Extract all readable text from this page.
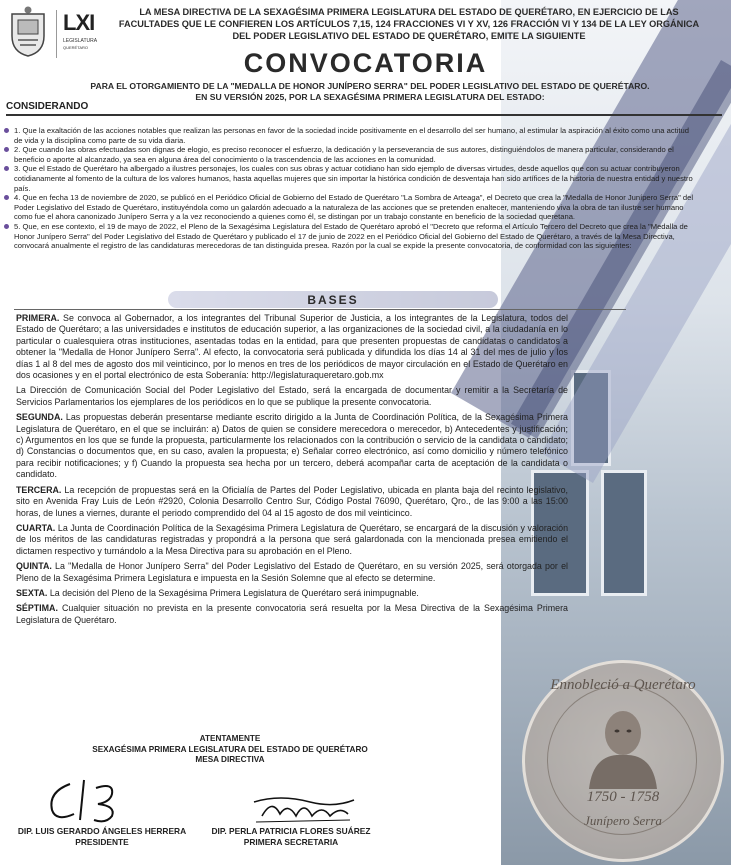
LXI
LEGISLATURA
QUERÉTARO
LA MESA DIRECTIVA DE LA SEXAGÉSIMA PRIMERA LEGISLATURA DEL ESTADO DE QUERÉTARO, EN EJERCICIO DE LAS FACULTADES QUE LE CONFIEREN LOS ARTÍCULOS 7,15, 124 FRACCIONES VI Y XV, 126 FRACCIÓN VI Y 134 DE LA LEY ORGÁNICA DEL PODER LEGISLATIVO DEL ESTADO DE QUERÉTARO, EMITE LA SIGUIENTE
CONVOCATORIA
PARA EL OTORGAMIENTO DE LA "MEDALLA DE HONOR JUNÍPERO SERRA" DEL PODER LEGISLATIVO DEL ESTADO DE QUERÉTARO. EN SU VERSIÓN 2025, POR LA SEXAGÉSIMA PRIMERA LEGISLATURA DEL ESTADO:
CONSIDERANDO
1. Que la exaltación de las acciones notables que realizan las personas en favor de la sociedad incide positivamente en el desarrollo del ser humano, al estimular la aspiración al éxito como una actitud de vida y la disciplina como parte de su vida diaria.
2. Que cuando las obras efectuadas son dignas de elogio, es preciso reconocer el esfuerzo, la dedicación y la perseverancia de sus autores, distinguiéndolos de manera particular, considerando el beneficio o aporte al alcanzado, ya sea en alguna área del conocimiento o la trascendencia de las acciones en la comunidad.
3. Que el Estado de Querétaro ha albergado a ilustres personajes, los cuales con sus obras y actuar cotidiano han sido ejemplo de diversas virtudes, desde aquellos que con su actuar contribuyeron cotidianamente al fomento de la cultura de los valores humanos, hasta aquellas mujeres que sin importar la histórica condición de desventaja han sido artífices de la historia de nuestra entidad y nuestro país.
4. Que en fecha 13 de noviembre de 2020, se publicó en el Periódico Oficial de Gobierno del Estado de Querétaro "La Sombra de Arteaga", el Decreto que crea la "Medalla de Honor Junípero Serra" del Poder Legislativo del Estado de Querétaro, instituyéndola como un galardón adecuado a la naturaleza de las acciones que se pretenden enaltecer, manteniendo viva la obra de tan ilustre ser humano como fue el ahora canonizado Junípero Serra y a la vez reconociendo a quienes como él, se distingan por un trabajo constante en beneficio de la sociedad queretana.
5. Que, en ese contexto, el 19 de mayo de 2022, el Pleno de la Sexagésima Legislatura del Estado de Querétaro aprobó el "Decreto que reforma el Artículo Tercero del Decreto que crea la "Medalla de Honor Junípero Serra" del Poder Legislativo del Estado de Querétaro y publicado el 17 de junio de 2022 en el Periódico Oficial del Gobierno del Estado de Querétaro, a través de la Mesa Directiva, convocará anualmente el registro de las candidaturas merecedoras de tan distinguida presea. Razón por la cual se expide la presente convocatoria, de conformidad con las siguientes:
BASES

PRIMERA. Se convoca al Gobernador, a los integrantes del Tribunal Superior de Justicia, a los integrantes de la Legislatura, todos del Estado de Querétaro; a las universidades e institutos de educación superior, a las organizaciones de la sociedad civil, a la ciudadanía en lo particular o cualesquiera otras instituciones, asentadas todas en la entidad, para que presenten propuestas de candidatas o candidatos a obtener la "Medalla de Honor Junípero Serra". Al efecto, la convocatoria será publicada y difundida los días 14 al 31 del mes de julio y los días 1 al 8 del mes de agosto dos mil veinticinco, por lo menos en tres de los periódicos de mayor circulación en el Estado de Querétaro en dos ocasiones y en el portal electrónico de esta Soberanía: http://legislaturaqueretaro.gob.mx

La Dirección de Comunicación Social del Poder Legislativo del Estado, será la encargada de documentar y remitir a la Secretaría de Servicios Parlamentarios los ejemplares de los periódicos en lo que se publique la presente convocatoria.

SEGUNDA. Las propuestas deberán presentarse mediante escrito dirigido a la Junta de Coordinación Política, de la Sexagésima Primera Legislatura de Querétaro, en el que se incluirán: a) Datos de quien se considere merecedora o merecedor, b) Antecedentes y justificación; c) Argumentos en los que se funde la propuesta, particularmente los relacionados con la contribución o servicio de la candidata o candidato; d) Constancias o documentos que, en su caso, avalen la propuesta; e) Señalar correo electrónico, así como domicilio y número telefónico para recibir notificaciones; y f) Cuando la propuesta sea hecha por un tercero, deberá acompañar carta de aceptación de la candidata o candidato.

TERCERA. La recepción de propuestas será en la Oficialía de Partes del Poder Legislativo, ubicada en planta baja del recinto legislativo, sito en Avenida Fray Luis de León #2920, Colonia Desarrollo Centro Sur, Código Postal 76090, Querétaro, Qro., de las 9:00 a las 15:00 horas, de lunes a viernes, durante el periodo comprendido del 04 al 15 agosto de dos mil veinticinco.

CUARTA. La Junta de Coordinación Política de la Sexagésima Primera Legislatura de Querétaro, se encargará de la discusión y valoración de los méritos de las candidaturas registradas y propondrá a la persona que será galardonada con la mencionada presea emitiendo el dictamen respectivo y turnándolo a la Mesa Directiva para su aprobación en el Pleno.

QUINTA. La "Medalla de Honor Junípero Serra" del Poder Legislativo del Estado de Querétaro, en su versión 2025, será otorgada por el Pleno de la Sexagésima Primera Legislatura e impuesta en la Sesión Solemne que al efecto se determine.

SEXTA. La decisión del Pleno de la Sexagésima Primera Legislatura de Querétaro será inimpugnable.

SÉPTIMA. Cualquier situación no prevista en la presente convocatoria será resuelta por la Mesa Directiva de la Sexagésima Primera Legislatura de Querétaro.

ATENTAMENTE
SEXAGÉSIMA PRIMERA LEGISLATURA DEL ESTADO DE QUERÉTARO
MESA DIRECTIVA
DIP. LUIS GERARDO ÁNGELES HERRERA
PRESIDENTE
DIP. PERLA PATRICIA FLORES SUÁREZ
PRIMERA SECRETARIA
Ennobleció a Querétaro
1750 - 1758
Junípero Serra
